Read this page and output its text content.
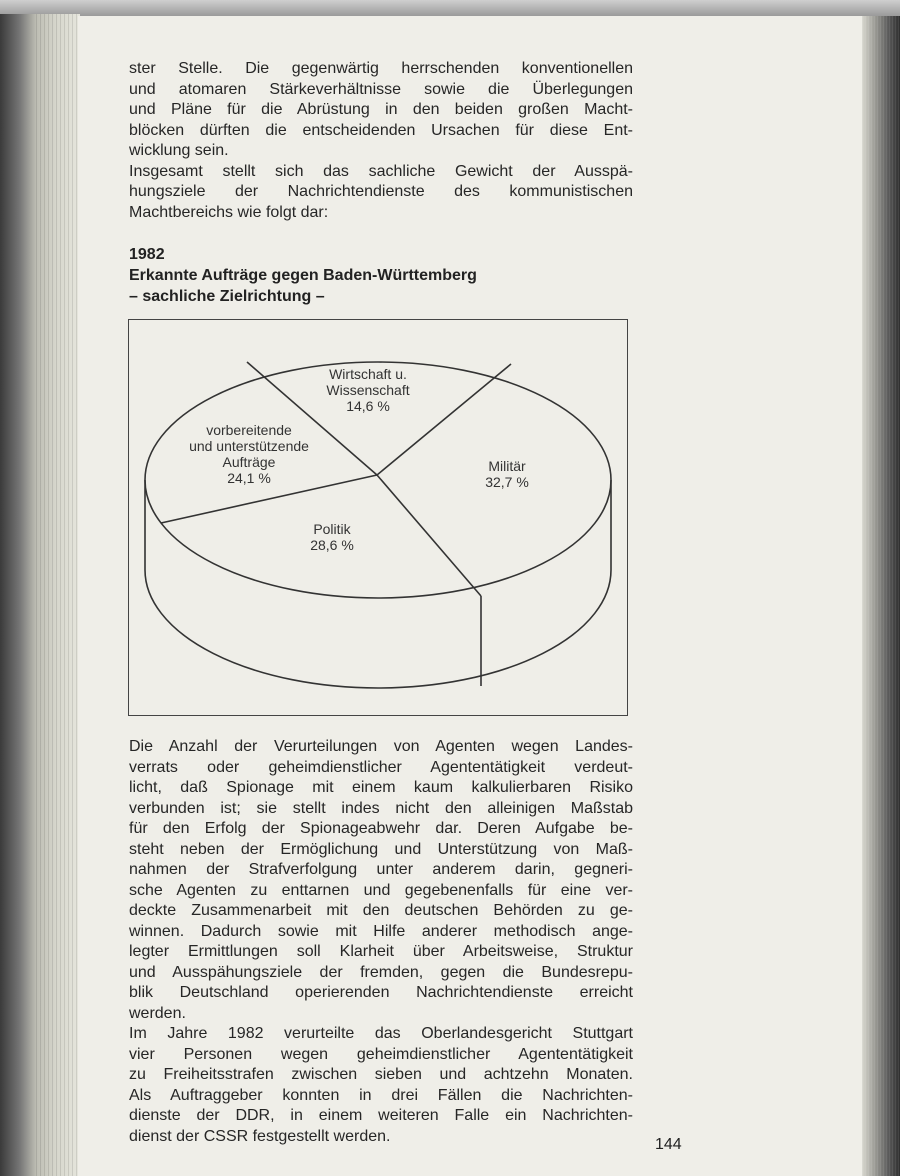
ster Stelle. Die gegenwärtig herrschenden konventionellen
und atomaren Stärkeverhältnisse sowie die Überlegungen
und Pläne für die Abrüstung in den beiden großen Macht-
blöcken dürften die entscheidenden Ursachen für diese Ent-
wicklung sein.
Insgesamt stellt sich das sachliche Gewicht der Ausspä-
hungsziele der Nachrichtendienste des kommunistischen
Machtbereichs wie folgt dar:

1982
Erkannte Aufträge gegen Baden-Württemberg
– sachliche Zielrichtung –
Wirtschaft u.
Wissenschaft
14,6 %
Militär
32,7 %
Politik
28,6 %
vorbereitende
und unterstützende
Aufträge
24,1 %

Die Anzahl der Verurteilungen von Agenten wegen Landes-
verrats oder geheimdienstlicher Agententätigkeit verdeut-
licht, daß Spionage mit einem kaum kalkulierbaren Risiko
verbunden ist; sie stellt indes nicht den alleinigen Maßstab
für den Erfolg der Spionageabwehr dar. Deren Aufgabe be-
steht neben der Ermöglichung und Unterstützung von Maß-
nahmen der Strafverfolgung unter anderem darin, gegneri-
sche Agenten zu enttarnen und gegebenenfalls für eine ver-
deckte Zusammenarbeit mit den deutschen Behörden zu ge-
winnen. Dadurch sowie mit Hilfe anderer methodisch ange-
legter Ermittlungen soll Klarheit über Arbeitsweise, Struktur
und Ausspähungsziele der fremden, gegen die Bundesrepu-
blik Deutschland operierenden Nachrichtendienste erreicht
werden.
Im Jahre 1982 verurteilte das Oberlandesgericht Stuttgart
vier Personen wegen geheimdienstlicher Agententätigkeit
zu Freiheitsstrafen zwischen sieben und achtzehn Monaten.
Als Auftraggeber konnten in drei Fällen die Nachrichten-
dienste der DDR, in einem weiteren Falle ein Nachrichten-
dienst der CSSR festgestellt werden.	144
